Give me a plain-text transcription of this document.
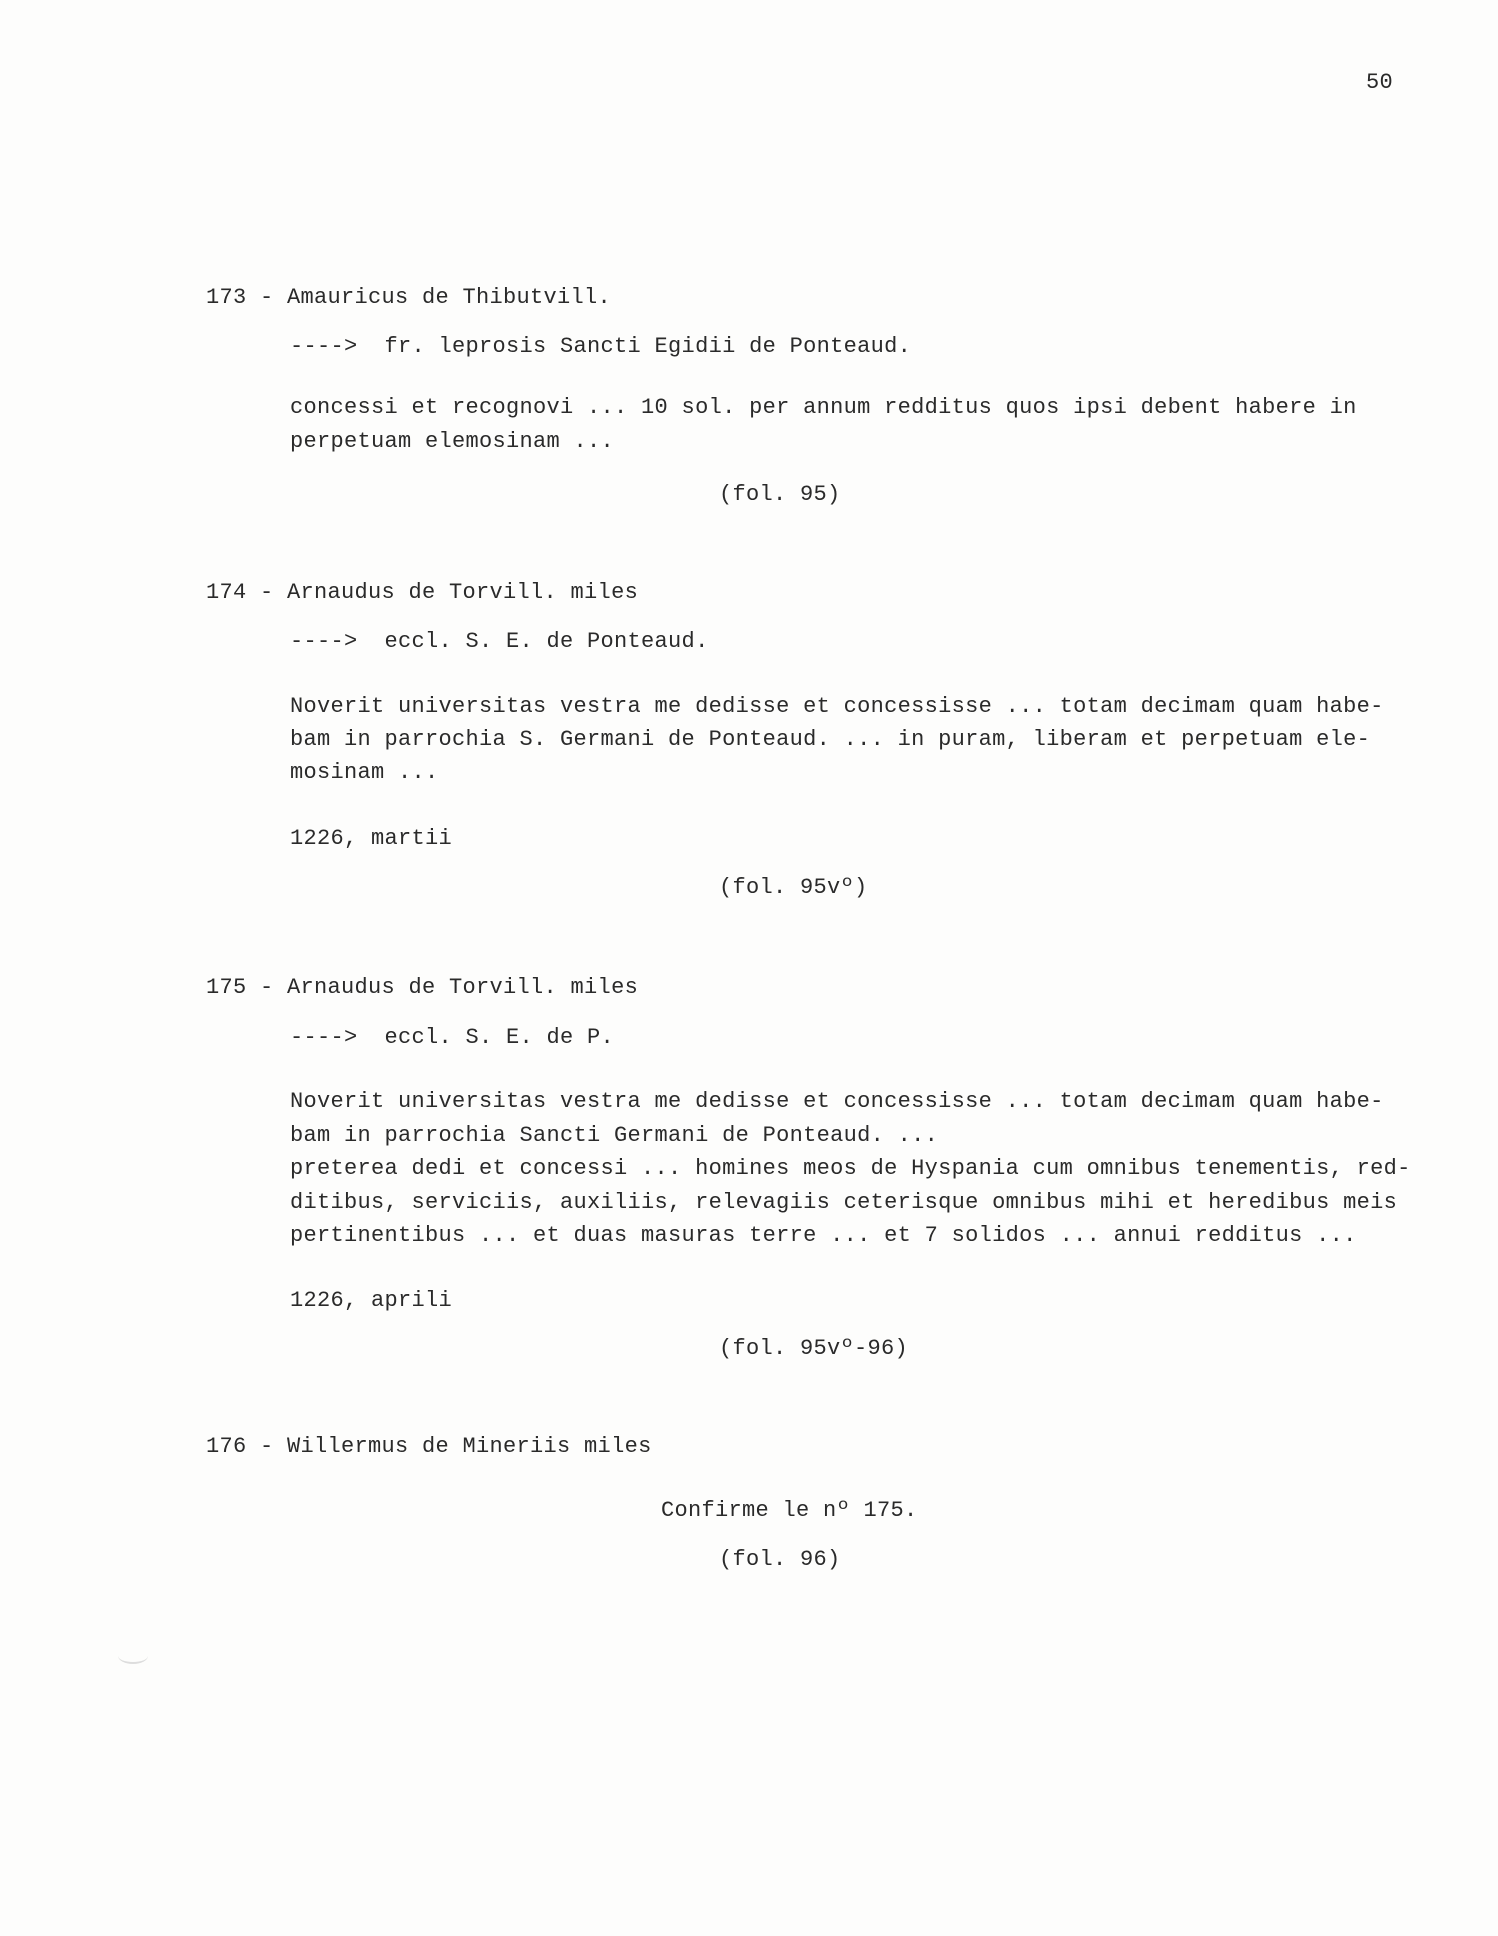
50
173 - Amauricus de Thibutvill.
---->  fr. leprosis Sancti Egidii de Ponteaud.
concessi et recognovi ... 10 sol. per annum redditus quos ipsi debent habere in
perpetuam elemosinam ...
(fol. 95)
174 - Arnaudus de Torvill. miles
---->  eccl. S. E. de Ponteaud.
Noverit universitas vestra me dedisse et concessisse ... totam decimam quam habe-
bam in parrochia S. Germani de Ponteaud. ... in puram, liberam et perpetuam ele-
mosinam ...
1226, martii
(fol. 95vº)
175 - Arnaudus de Torvill. miles
---->  eccl. S. E. de P.
Noverit universitas vestra me dedisse et concessisse ... totam decimam quam habe-
bam in parrochia Sancti Germani de Ponteaud. ...
preterea dedi et concessi ... homines meos de Hyspania cum omnibus tenementis, red-
ditibus, serviciis, auxiliis, relevagiis ceterisque omnibus mihi et heredibus meis
pertinentibus ... et duas masuras terre ... et 7 solidos ... annui redditus ...
1226, aprili
(fol. 95vº-96)
176 - Willermus de Mineriis miles
Confirme le nº 175.
(fol. 96)
